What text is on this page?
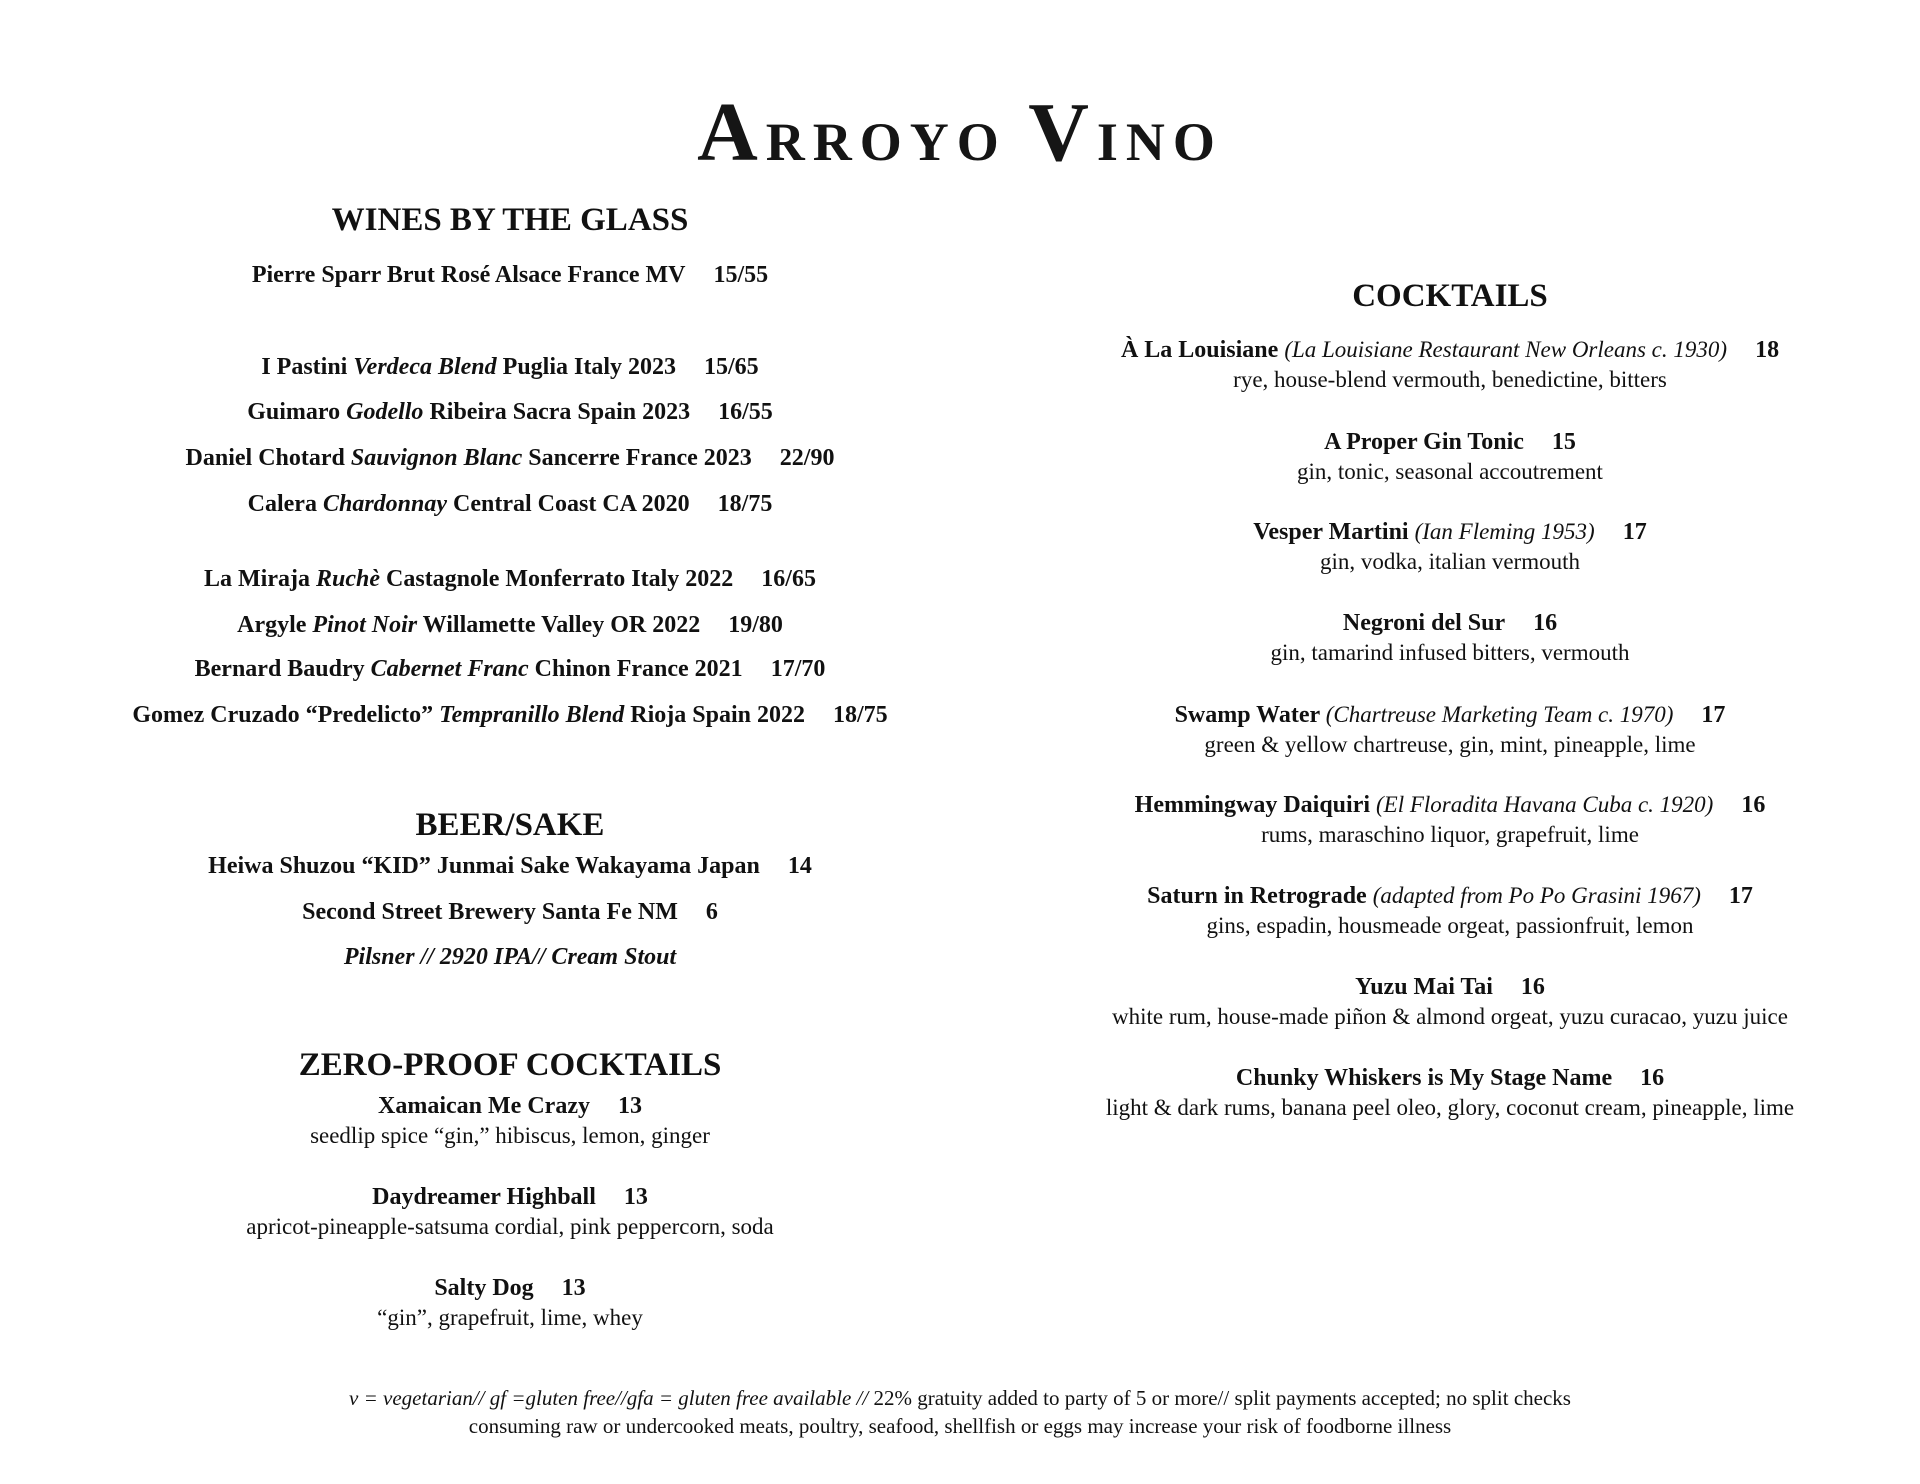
ARROYO VINO
WINES BY THE GLASS
Pierre Sparr Brut Rosé Alsace France MV 15/55
I Pastini Verdeca Blend Puglia Italy 2023 15/65
Guimaro Godello Ribeira Sacra Spain 2023 16/55
Daniel Chotard Sauvignon Blanc Sancerre France 2023 22/90
Calera Chardonnay Central Coast CA 2020 18/75
La Miraja Ruchè Castagnole Monferrato Italy 2022 16/65
Argyle Pinot Noir Willamette Valley OR 2022 19/80
Bernard Baudry Cabernet Franc Chinon France 2021 17/70
Gomez Cruzado “Predelicto” Tempranillo Blend Rioja Spain 2022 18/75
BEER/SAKE
Heiwa Shuzou “KID” Junmai Sake Wakayama Japan 14
Second Street Brewery Santa Fe NM 6
Pilsner // 2920 IPA// Cream Stout
ZERO-PROOF COCKTAILS
Xamaican Me Crazy 13
seedlip spice “gin,” hibiscus, lemon, ginger
Daydreamer Highball 13
apricot-pineapple-satsuma cordial, pink peppercorn, soda
Salty Dog 13
“gin”, grapefruit, lime, whey
COCKTAILS
À La Louisiane (La Louisiane Restaurant New Orleans c. 1930) 18
rye, house-blend vermouth, benedictine, bitters
A Proper Gin Tonic 15
gin, tonic, seasonal accoutrement
Vesper Martini (Ian Fleming 1953) 17
gin, vodka, italian vermouth
Negroni del Sur 16
gin, tamarind infused bitters, vermouth
Swamp Water (Chartreuse Marketing Team c. 1970) 17
green & yellow chartreuse, gin, mint, pineapple, lime
Hemmingway Daiquiri (El Floradita Havana Cuba c. 1920) 16
rums, maraschino liquor, grapefruit, lime
Saturn in Retrograde (adapted from Po Po Grasini 1967) 17
gins, espadin, housmeade orgeat, passionfruit, lemon
Yuzu Mai Tai 16
white rum, house-made piñon & almond orgeat, yuzu curacao, yuzu juice
Chunky Whiskers is My Stage Name 16
light & dark rums, banana peel oleo, glory, coconut cream, pineapple, lime
v = vegetarian// gf =gluten free//gfa = gluten free available // 22% gratuity added to party of 5 or more// split payments accepted; no split checks
consuming raw or undercooked meats, poultry, seafood, shellfish or eggs may increase your risk of foodborne illness
